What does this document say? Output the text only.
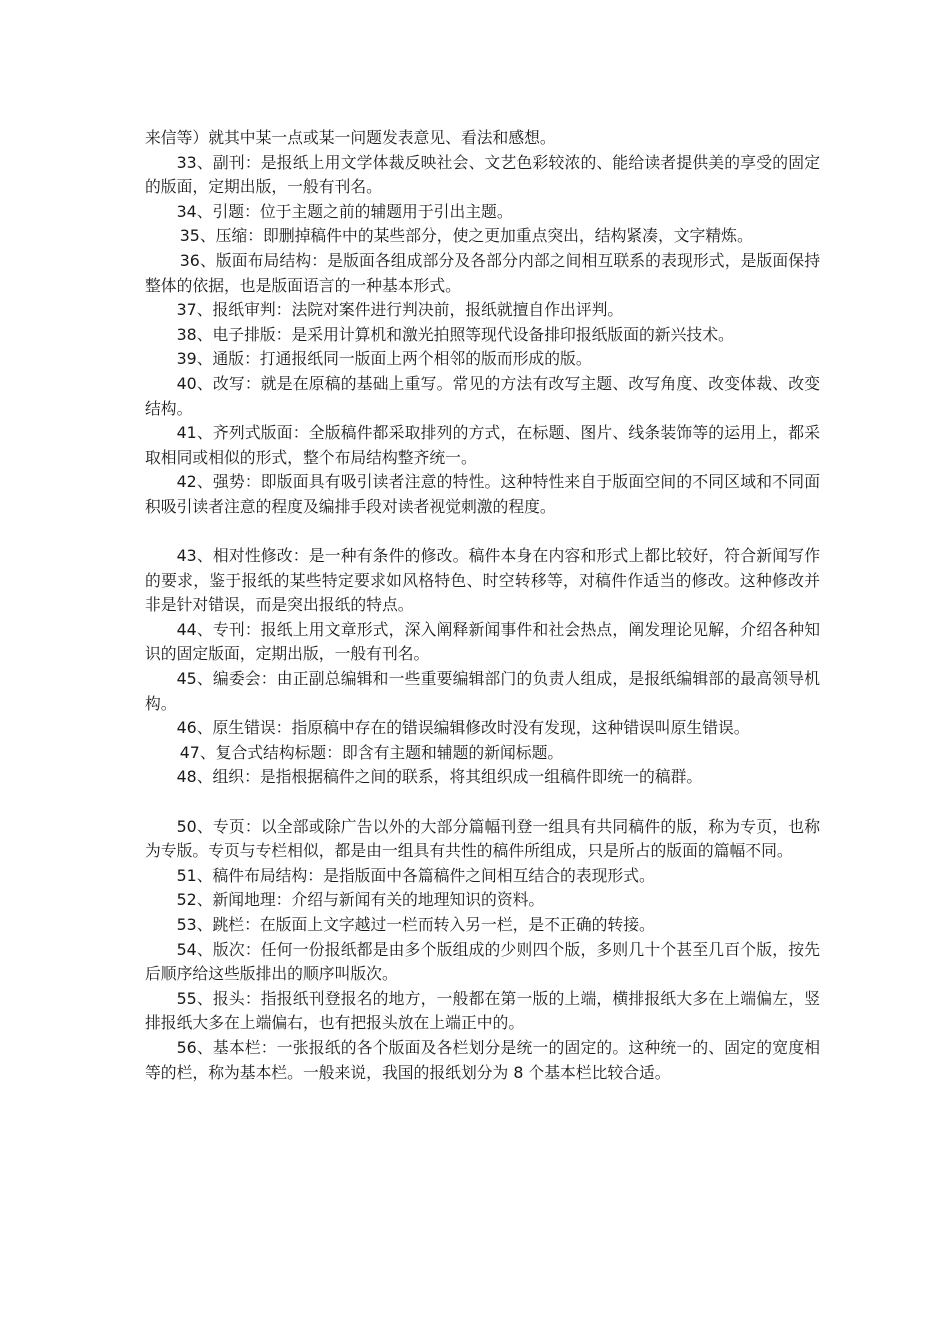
来信等）就其中某一点或某一问题发表意见、看法和感想。

33、副刊：是报纸上用文学体裁反映社会、文艺色彩较浓的、能给读者提供美的享受的固定的版面，定期出版，一般有刊名。

34、引题：位于主题之前的辅题用于引出主题。

35、压缩：即删掉稿件中的某些部分，使之更加重点突出，结构紧凑，文字精炼。

36、版面布局结构：是版面各组成部分及各部分内部之间相互联系的表现形式，是版面保持整体的依据，也是版面语言的一种基本形式。

37、报纸审判：法院对案件进行判决前，报纸就擅自作出评判。

38、电子排版：是采用计算机和激光拍照等现代设备排印报纸版面的新兴技术。

39、通版：打通报纸同一版面上两个相邻的版而形成的版。

40、改写：就是在原稿的基础上重写。常见的方法有改写主题、改写角度、改变体裁、改变结构。

41、齐列式版面：全版稿件都采取排列的方式，在标题、图片、线条装饰等的运用上，都采取相同或相似的形式，整个布局结构整齐统一。

42、强势：即版面具有吸引读者注意的特性。这种特性来自于版面空间的不同区域和不同面积吸引读者注意的程度及编排手段对读者视觉刺激的程度。

43、相对性修改：是一种有条件的修改。稿件本身在内容和形式上都比较好，符合新闻写作的要求，鉴于报纸的某些特定要求如风格特色、时空转移等，对稿件作适当的修改。这种修改并非是针对错误，而是突出报纸的特点。

44、专刊：报纸上用文章形式，深入阐释新闻事件和社会热点，阐发理论见解，介绍各种知识的固定版面，定期出版，一般有刊名。

45、编委会：由正副总编辑和一些重要编辑部门的负责人组成，是报纸编辑部的最高领导机构。

46、原生错误：指原稿中存在的错误编辑修改时没有发现，这种错误叫原生错误。

47、复合式结构标题：即含有主题和辅题的新闻标题。

48、组织：是指根据稿件之间的联系，将其组织成一组稿件即统一的稿群。

50、专页：以全部或除广告以外的大部分篇幅刊登一组具有共同稿件的版，称为专页，也称为专版。专页与专栏相似，都是由一组具有共性的稿件所组成，只是所占的版面的篇幅不同。

51、稿件布局结构：是指版面中各篇稿件之间相互结合的表现形式。

52、新闻地理：介绍与新闻有关的地理知识的资料。

53、跳栏：在版面上文字越过一栏而转入另一栏，是不正确的转接。

54、版次：任何一份报纸都是由多个版组成的少则四个版，多则几十个甚至几百个版，按先后顺序给这些版排出的顺序叫版次。

55、报头：指报纸刊登报名的地方，一般都在第一版的上端，横排报纸大多在上端偏左，竖排报纸大多在上端偏右，也有把报头放在上端正中的。

56、基本栏：一张报纸的各个版面及各栏划分是统一的固定的。这种统一的、固定的宽度相等的栏，称为基本栏。一般来说，我国的报纸划分为 8 个基本栏比较合适。
